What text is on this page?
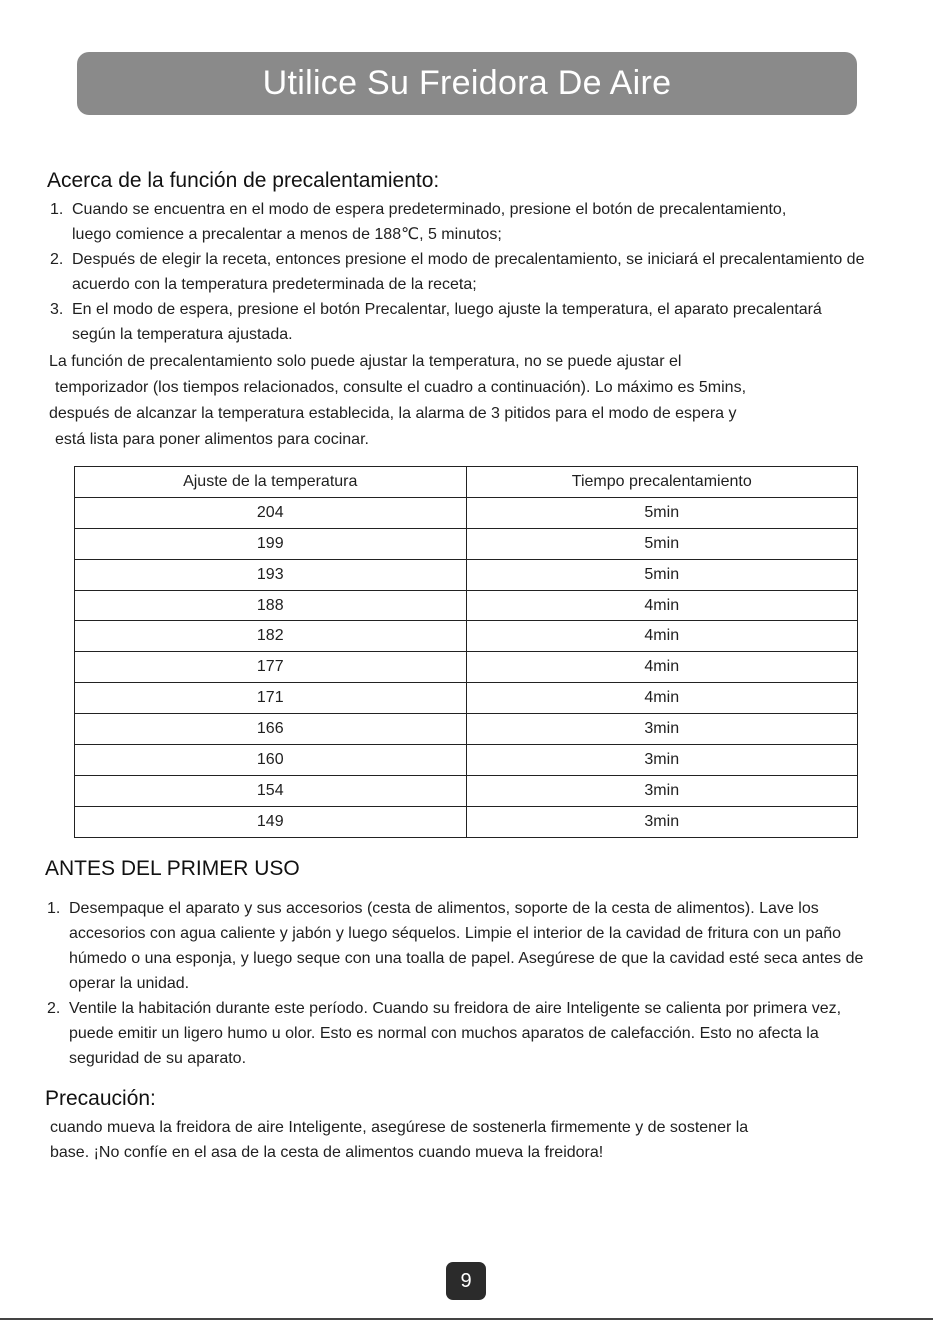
Utilice Su Freidora De Aire
Acerca de la función de precalentamiento:
1. Cuando se encuentra en el modo de espera predeterminado, presione el botón de precalentamiento, luego comience a precalentar a menos de 188℃, 5 minutos;
2. Después de elegir la receta, entonces presione el modo de precalentamiento, se iniciará el precalentamiento de acuerdo con la temperatura predeterminada de la receta;
3. En el modo de espera, presione el botón Precalentar, luego ajuste la temperatura, el aparato precalentará según la temperatura ajustada.
La función de precalentamiento solo puede ajustar la temperatura, no se puede ajustar el
temporizador (los tiempos relacionados, consulte el cuadro a continuación). Lo máximo es 5mins,
después de alcanzar la temperatura establecida, la alarma de 3 pitidos para el modo de espera y
está lista para poner alimentos para cocinar.
Ajuste de la temperatura	Tiempo precalentamiento
204	5min
199	5min
193	5min
188	4min
182	4min
177	4min
171	4min
166	3min
160	3min
154	3min
149	3min
ANTES DEL PRIMER USO
1. Desempaque el aparato y sus accesorios (cesta de alimentos, soporte de la cesta de alimentos). Lave los accesorios con agua caliente y jabón y luego séquelos. Limpie el interior de la cavidad de fritura con un paño húmedo o una esponja, y luego seque con una toalla de papel. Asegúrese de que la cavidad esté seca antes de operar la unidad.
2. Ventile la habitación durante este período. Cuando su freidora de aire Inteligente se calienta por primera vez, puede emitir un ligero humo u olor. Esto es normal con muchos aparatos de calefacción. Esto no afecta la seguridad de su aparato.
Precaución:
cuando mueva la freidora de aire Inteligente, asegúrese de sostenerla firmemente y de sostener la
base. ¡No confíe en el asa de la cesta de alimentos cuando mueva la freidora!
9
